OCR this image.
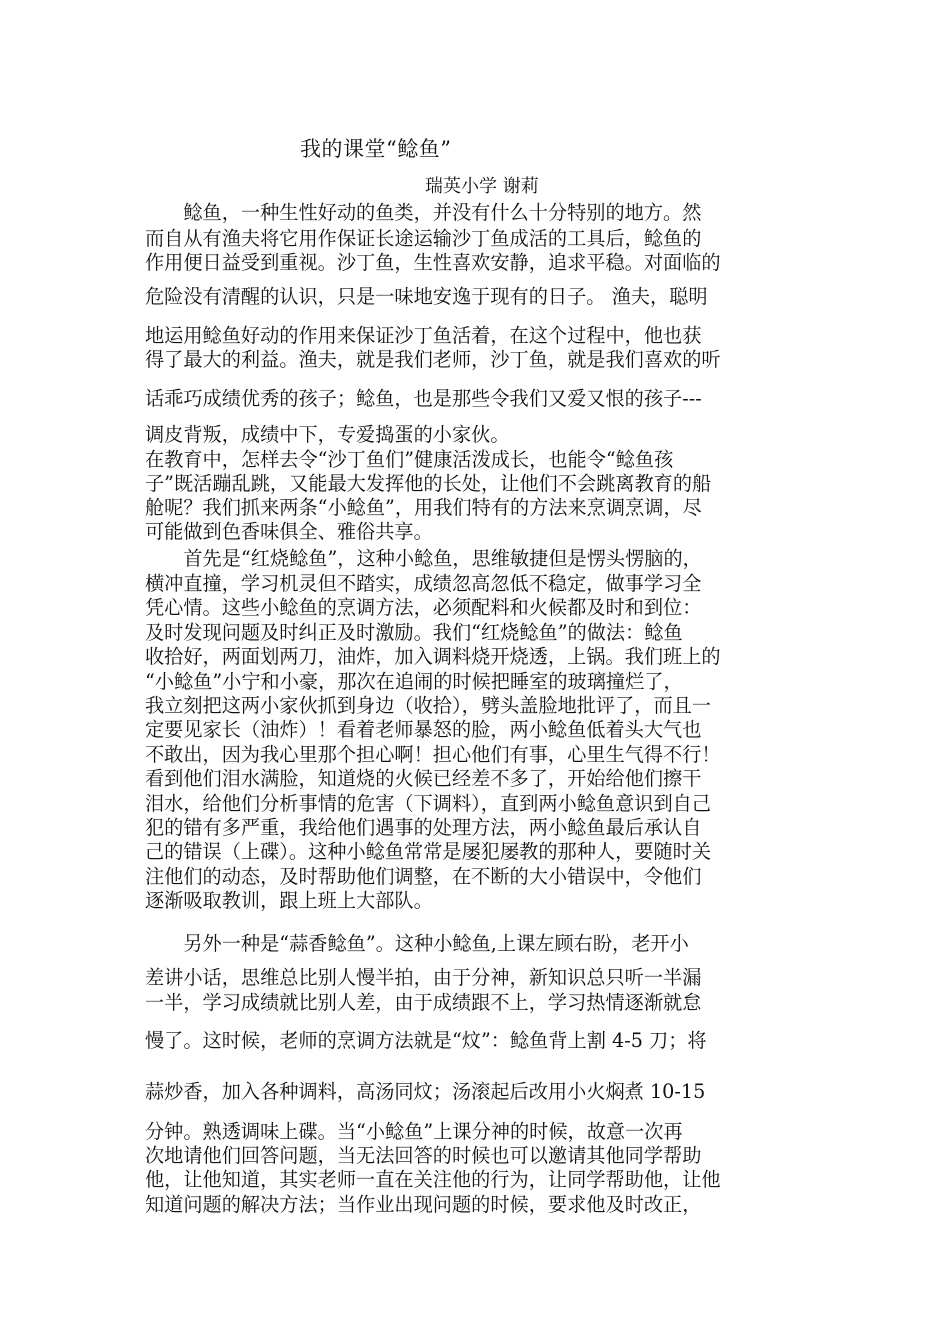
我的课堂“鲶鱼”
瑞英小学 谢莉
　　鲶鱼，一种生性好动的鱼类，并没有什么十分特别的地方。然
而自从有渔夫将它用作保证长途运输沙丁鱼成活的工具后，鲶鱼的
作用便日益受到重视。沙丁鱼，生性喜欢安静，追求平稳。对面临的
危险没有清醒的认识，只是一味地安逸于现有的日子。 渔夫，聪明
地运用鲶鱼好动的作用来保证沙丁鱼活着，在这个过程中，他也获
得了最大的利益。渔夫，就是我们老师，沙丁鱼，就是我们喜欢的听
话乖巧成绩优秀的孩子；鲶鱼，也是那些令我们又爱又恨的孩子---
调皮背叛，成绩中下，专爱捣蛋的小家伙。
在教育中，怎样去令“沙丁鱼们”健康活泼成长，也能令“鲶鱼孩
子”既活蹦乱跳，又能最大发挥他的长处，让他们不会跳离教育的船
舱呢？我们抓来两条“小鲶鱼”，用我们特有的方法来烹调烹调，尽
可能做到色香味俱全、雅俗共享。
　　首先是“红烧鲶鱼”，这种小鲶鱼，思维敏捷但是愣头愣脑的，
横冲直撞，学习机灵但不踏实，成绩忽高忽低不稳定，做事学习全
凭心情。这些小鲶鱼的烹调方法，必须配料和火候都及时和到位：
及时发现问题及时纠正及时激励。我们“红烧鲶鱼”的做法：鲶鱼
收拾好，两面划两刀，油炸，加入调料烧开烧透，上锅。我们班上的
“小鲶鱼”小宁和小豪，那次在追闹的时候把睡室的玻璃撞烂了，
我立刻把这两小家伙抓到身边（收拾），劈头盖脸地批评了，而且一
定要见家长（油炸）！看着老师暴怒的脸，两小鲶鱼低着头大气也
不敢出，因为我心里那个担心啊！担心他们有事，心里生气得不行！
看到他们泪水满脸，知道烧的火候已经差不多了，开始给他们擦干
泪水，给他们分析事情的危害（下调料），直到两小鲶鱼意识到自己
犯的错有多严重，我给他们遇事的处理方法，两小鲶鱼最后承认自
己的错误（上碟）。这种小鲶鱼常常是屡犯屡教的那种人，要随时关
注他们的动态，及时帮助他们调整，在不断的大小错误中，令他们
逐渐吸取教训，跟上班上大部队。
　　另外一种是“蒜香鲶鱼”。这种小鲶鱼,上课左顾右盼，老开小
差讲小话，思维总比别人慢半拍，由于分神，新知识总只听一半漏
一半，学习成绩就比别人差，由于成绩跟不上，学习热情逐渐就怠
慢了。这时候，老师的烹调方法就是“炆”：鲶鱼背上割 4-5 刀；将
蒜炒香，加入各种调料，高汤同炆；汤滚起后改用小火焖煮 10-15
分钟。熟透调味上碟。当“小鲶鱼”上课分神的时候，故意一次再
次地请他们回答问题，当无法回答的时候也可以邀请其他同学帮助
他，让他知道，其实老师一直在关注他的行为，让同学帮助他，让他
知道问题的解决方法；当作业出现问题的时候，要求他及时改正，
